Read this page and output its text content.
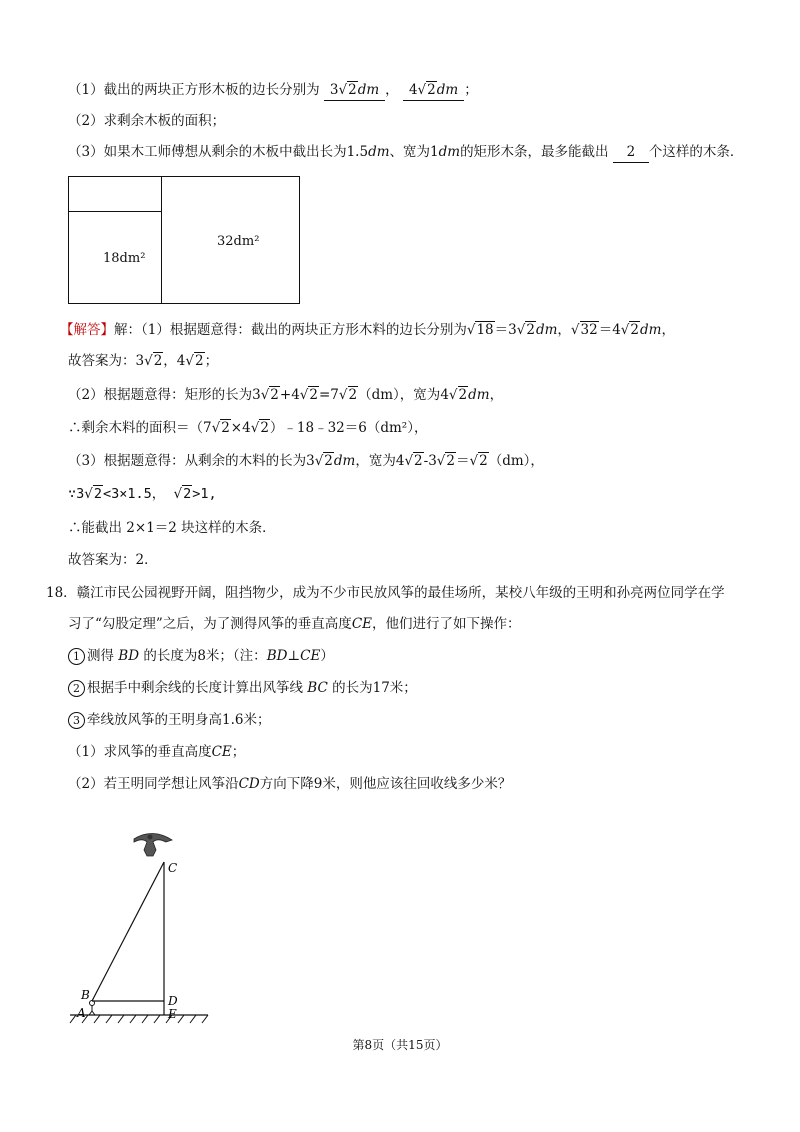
（1）截出的两块正方形木板的边长分别为 3√2dm ， 4√2dm ；
（2）求剩余木板的面积；
（3）如果木工师傅想从剩余的木板中截出长为1.5dm、宽为1dm的矩形木条，最多能截出 2 个这样的木条．
18dm²
32dm²
【解答】解：（1）根据题意得：截出的两块正方形木料的边长分别为√18＝3√2dm，√32＝4√2dm，
故答案为：3√2，4√2；
（2）根据题意得：矩形的长为3√2+4√2=7√2（dm），宽为4√2dm，
∴剩余木料的面积＝（7√2×4√2）﹣18﹣32＝6（dm²），
（3）根据题意得：从剩余的木料的长为3√2dm，宽为4√2-3√2＝√2（dm），
∵3√2<3×1.5， √2>1,
∴能截出 2×1＝2 块这样的木条．
故答案为：2．
18．赣江市民公园视野开阔，阻挡物少，成为不少市民放风筝的最佳场所，某校八年级的王明和孙亮两位同学在学
习了“勾股定理”之后，为了测得风筝的垂直高度CE，他们进行了如下操作：
1 测得 BD 的长度为8米；（注：BD⊥CE）
2 根据手中剩余线的长度计算出风筝线 BC 的长为17米；
3 牵线放风筝的王明身高1.6米；
（1）求风筝的垂直高度CE；
（2）若王明同学想让风筝沿CD方向下降9米，则他应该往回收线多少米？
C
B	D
A	E
第8页（共15页）
